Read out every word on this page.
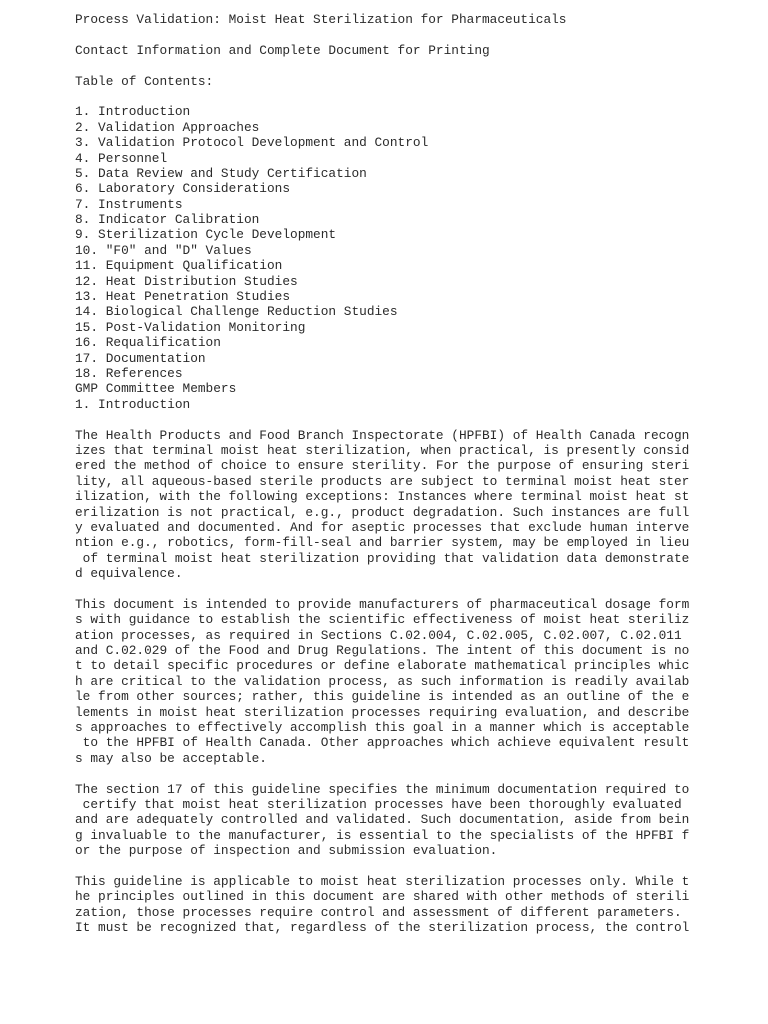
Process Validation: Moist Heat Sterilization for Pharmaceuticals
Contact Information and Complete Document for Printing
Table of Contents:
1. Introduction
2. Validation Approaches
3. Validation Protocol Development and Control
4. Personnel
5. Data Review and Study Certification
6. Laboratory Considerations
7. Instruments
8. Indicator Calibration
9. Sterilization Cycle Development
10. "F0" and "D" Values
11. Equipment Qualification
12. Heat Distribution Studies
13. Heat Penetration Studies
14. Biological Challenge Reduction Studies
15. Post-Validation Monitoring
16. Requalification
17. Documentation
18. References
GMP Committee Members
1. Introduction
The Health Products and Food Branch Inspectorate (HPFBI) of Health Canada recogn
izes that terminal moist heat sterilization, when practical, is presently consid
ered the method of choice to ensure sterility. For the purpose of ensuring steri
lity, all aqueous-based sterile products are subject to terminal moist heat ster
ilization, with the following exceptions: Instances where terminal moist heat st
erilization is not practical, e.g., product degradation. Such instances are full
y evaluated and documented. And for aseptic processes that exclude human interve
ntion e.g., robotics, form-fill-seal and barrier system, may be employed in lieu
of terminal moist heat sterilization providing that validation data demonstrate
d equivalence.
This document is intended to provide manufacturers of pharmaceutical dosage form
s with guidance to establish the scientific effectiveness of moist heat steriliz
ation processes, as required in Sections C.02.004, C.02.005, C.02.007, C.02.011
and C.02.029 of the Food and Drug Regulations. The intent of this document is no
t to detail specific procedures or define elaborate mathematical principles whic
h are critical to the validation process, as such information is readily availab
le from other sources; rather, this guideline is intended as an outline of the e
lements in moist heat sterilization processes requiring evaluation, and describe
s approaches to effectively accomplish this goal in a manner which is acceptable
to the HPFBI of Health Canada. Other approaches which achieve equivalent result
s may also be acceptable.
The section 17 of this guideline specifies the minimum documentation required to
certify that moist heat sterilization processes have been thoroughly evaluated
and are adequately controlled and validated. Such documentation, aside from bein
g invaluable to the manufacturer, is essential to the specialists of the HPFBI f
or the purpose of inspection and submission evaluation.
This guideline is applicable to moist heat sterilization processes only. While t
he principles outlined in this document are shared with other methods of sterili
zation, those processes require control and assessment of different parameters.
It must be recognized that, regardless of the sterilization process, the control
